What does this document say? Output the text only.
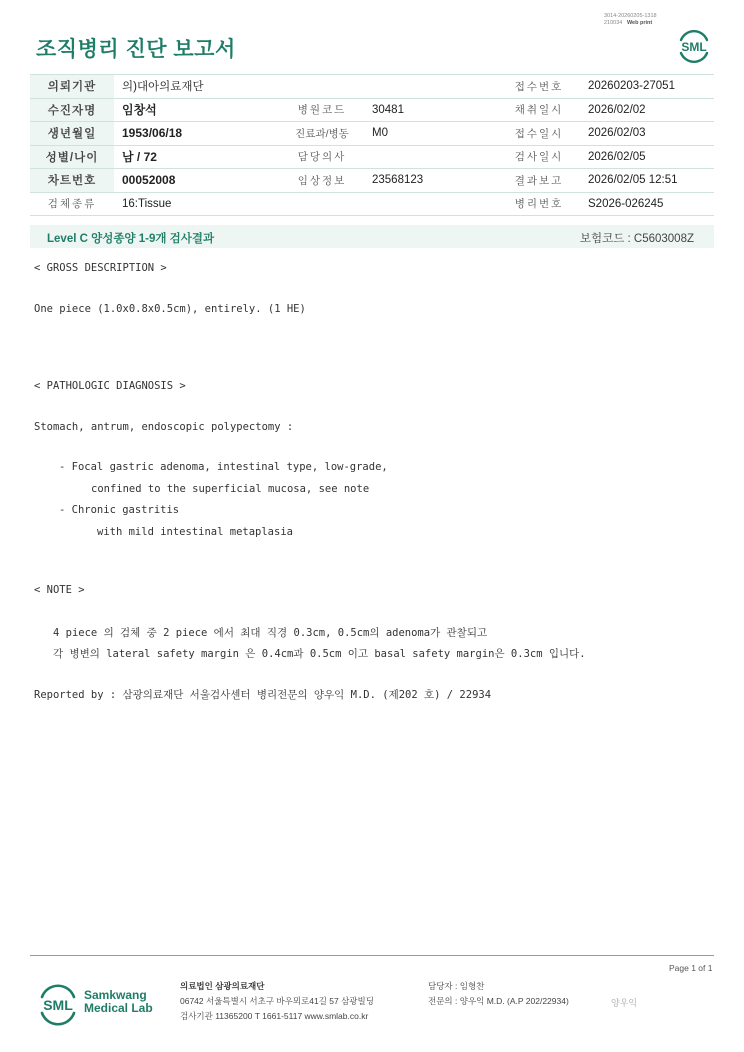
3014-20260205-1318
210034 Web print
조직병리 진단 보고서	SML
의뢰기관	의)대아의료재단			접수번호	20260203-27051
수진자명	임창석	병원코드	30481	채취일시	2026/02/02
생년월일	1953/06/18	진료과/병동	M0	접수일시	2026/02/03
성별/나이	남 / 72	담당의사		검사일시	2026/02/05
차트번호	00052008	임상정보	23568123	결과보고	2026/02/05 12:51
검체종류	16:Tissue			병리번호	S2026-026245
Level C 양성종양 1-9개 검사결과	보험코드 : C5603008Z
< GROSS DESCRIPTION >
One piece (1.0x0.8x0.5cm), entirely. (1 HE)
< PATHOLOGIC DIAGNOSIS >
Stomach, antrum, endoscopic polypectomy :
- Focal gastric adenoma, intestinal type, low-grade,
confined to the superficial mucosa, see note
- Chronic gastritis
with mild intestinal metaplasia
< NOTE >
4 piece 의 검체 중 2 piece 에서 최대 직경 0.3cm, 0.5cm의 adenoma가 관찰되고
각 병변의 lateral safety margin 은 0.4cm과 0.5cm 이고 basal safety margin은 0.3cm 입니다.
Reported by : 삼광의료재단 서울검사센터 병리전문의 양우익 M.D. (제202 호) / 22934
Page 1 of 1
SML
Samkwang
Medical Lab
의료법인 삼광의료재단
06742 서울특별시 서초구 바우뫼로41길 57 삼광빌딩
검사기관 11365200 T 1661-5117 www.smlab.co.kr
담당자 : 임형찬
전문의 : 양우익 M.D. (A.P 202/22934)	양우익
